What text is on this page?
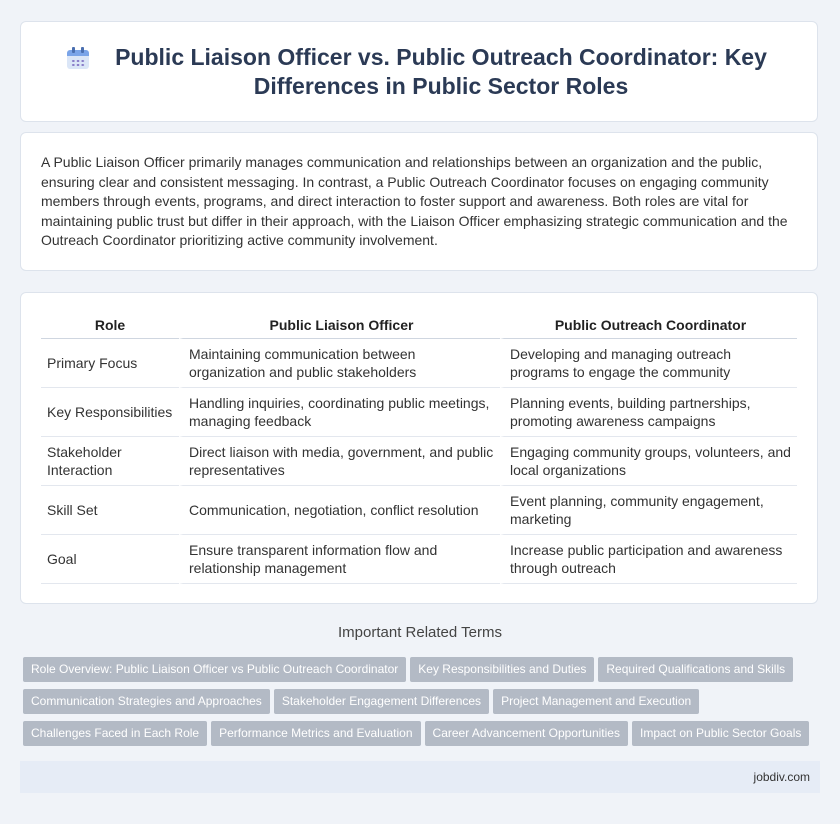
Public Liaison Officer vs. Public Outreach Coordinator: Key Differences in Public Sector Roles

A Public Liaison Officer primarily manages communication and relationships between an organization and the public, ensuring clear and consistent messaging. In contrast, a Public Outreach Coordinator focuses on engaging community members through events, programs, and direct interaction to foster support and awareness. Both roles are vital for maintaining public trust but differ in their approach, with the Liaison Officer emphasizing strategic communication and the Outreach Coordinator prioritizing active community involvement.

Role	Public Liaison Officer	Public Outreach Coordinator
Primary Focus	Maintaining communication between organization and public stakeholders	Developing and managing outreach programs to engage the community
Key Responsibilities	Handling inquiries, coordinating public meetings, managing feedback	Planning events, building partnerships, promoting awareness campaigns
Stakeholder Interaction	Direct liaison with media, government, and public representatives	Engaging community groups, volunteers, and local organizations
Skill Set	Communication, negotiation, conflict resolution	Event planning, community engagement, marketing
Goal	Ensure transparent information flow and relationship management	Increase public participation and awareness through outreach
Important Related Terms
Role Overview: Public Liaison Officer vs Public Outreach Coordinator Key Responsibilities and Duties Required Qualifications and Skills
Communication Strategies and Approaches Stakeholder Engagement Differences Project Management and Execution
Challenges Faced in Each Role Performance Metrics and Evaluation Career Advancement Opportunities Impact on Public Sector Goals
jobdiv.com
